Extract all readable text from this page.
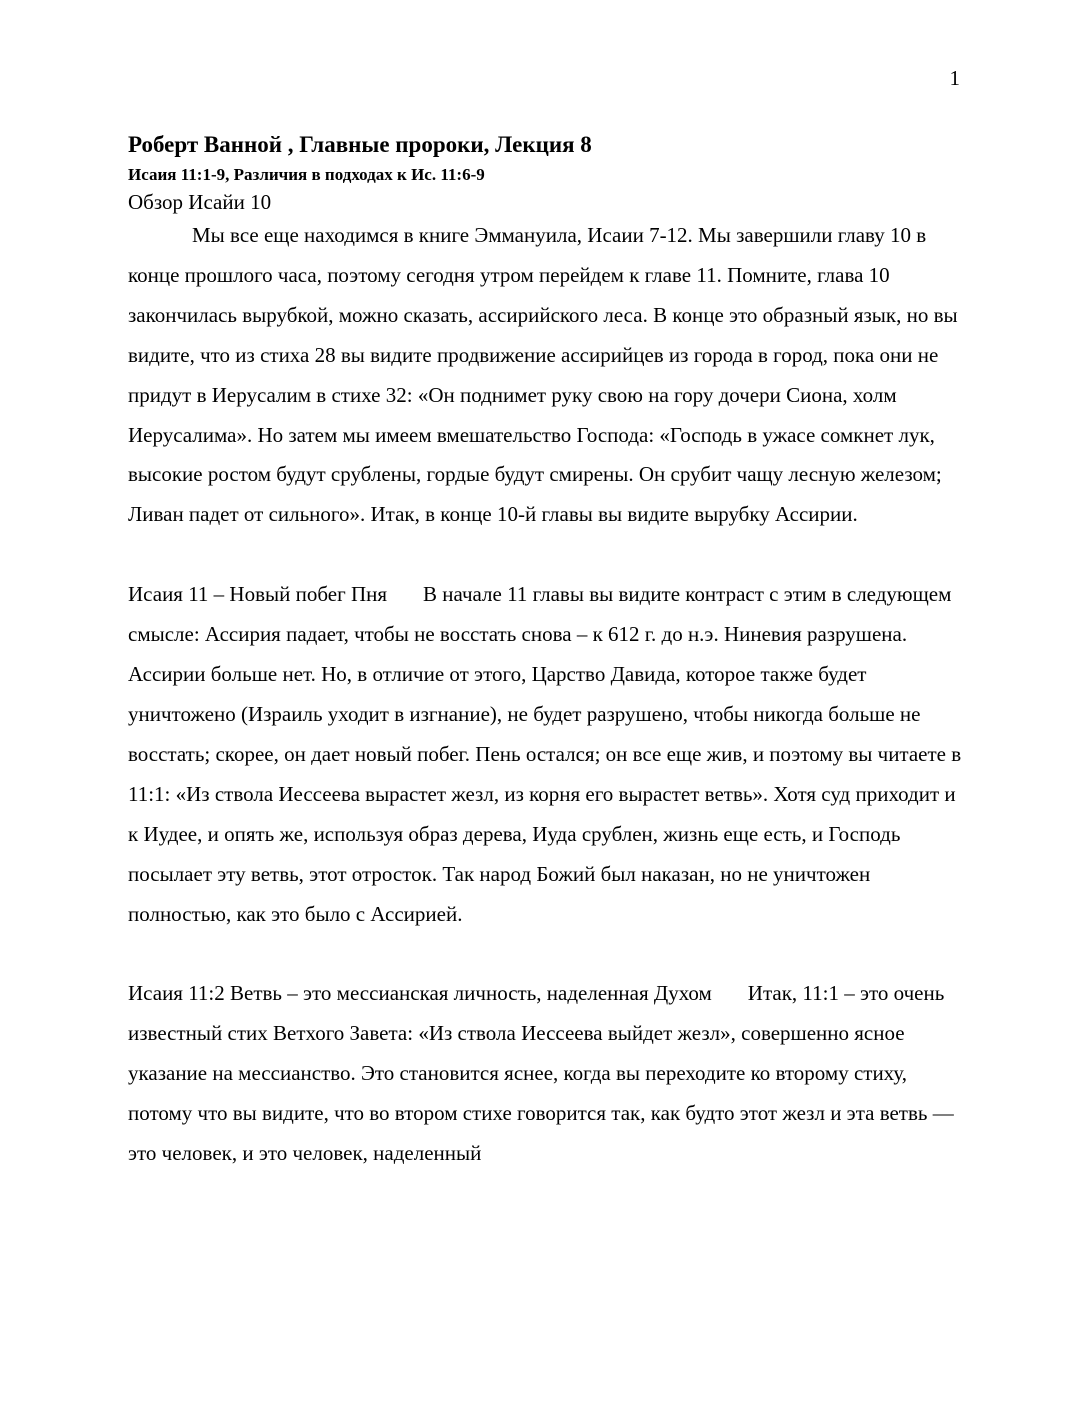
1
Роберт Ванной , Главные пророки, Лекция 8
Исаия 11:1-9, Различия в подходах к Ис. 11:6-9
Обзор Исайи 10

Мы все еще находимся в книге Эммануила, Исаии 7-12. Мы завершили главу 10 в конце прошлого часа, поэтому сегодня утром перейдем к главе 11. Помните, глава 10 закончилась вырубкой, можно сказать, ассирийского леса. В конце это образный язык, но вы видите, что из стиха 28 вы видите продвижение ассирийцев из города в город, пока они не придут в Иерусалим в стихе 32: «Он поднимет руку свою на гору дочери Сиона, холм Иерусалима». Но затем мы имеем вмешательство Господа: «Господь в ужасе сомкнет лук, высокие ростом будут срублены, гордые будут смирены. Он срубит чащу лесную железом; Ливан падет от сильного». Итак, в конце 10-й главы вы видите вырубку Ассирии.

Исаия 11 – Новый побег Пня В начале 11 главы вы видите контраст с этим в следующем смысле: Ассирия падает, чтобы не восстать снова – к 612 г. до н.э. Ниневия разрушена. Ассирии больше нет. Но, в отличие от этого, Царство Давида, которое также будет уничтожено (Израиль уходит в изгнание), не будет разрушено, чтобы никогда больше не восстать; скорее, он дает новый побег. Пень остался; он все еще жив, и поэтому вы читаете в 11:1: «Из ствола Иессеева вырастет жезл, из корня его вырастет ветвь». Хотя суд приходит и к Иудее, и опять же, используя образ дерева, Иуда срублен, жизнь еще есть, и Господь посылает эту ветвь, этот отросток. Так народ Божий был наказан, но не уничтожен полностью, как это было с Ассирией.

Исаия 11:2 Ветвь – это мессианская личность, наделенная Духом Итак, 11:1 – это очень известный стих Ветхого Завета: «Из ствола Иессеева выйдет жезл», совершенно ясное указание на мессианство. Это становится яснее, когда вы переходите ко второму стиху, потому что вы видите, что во втором стихе говорится так, как будто этот жезл и эта ветвь — это человек, и это человек, наделенный
